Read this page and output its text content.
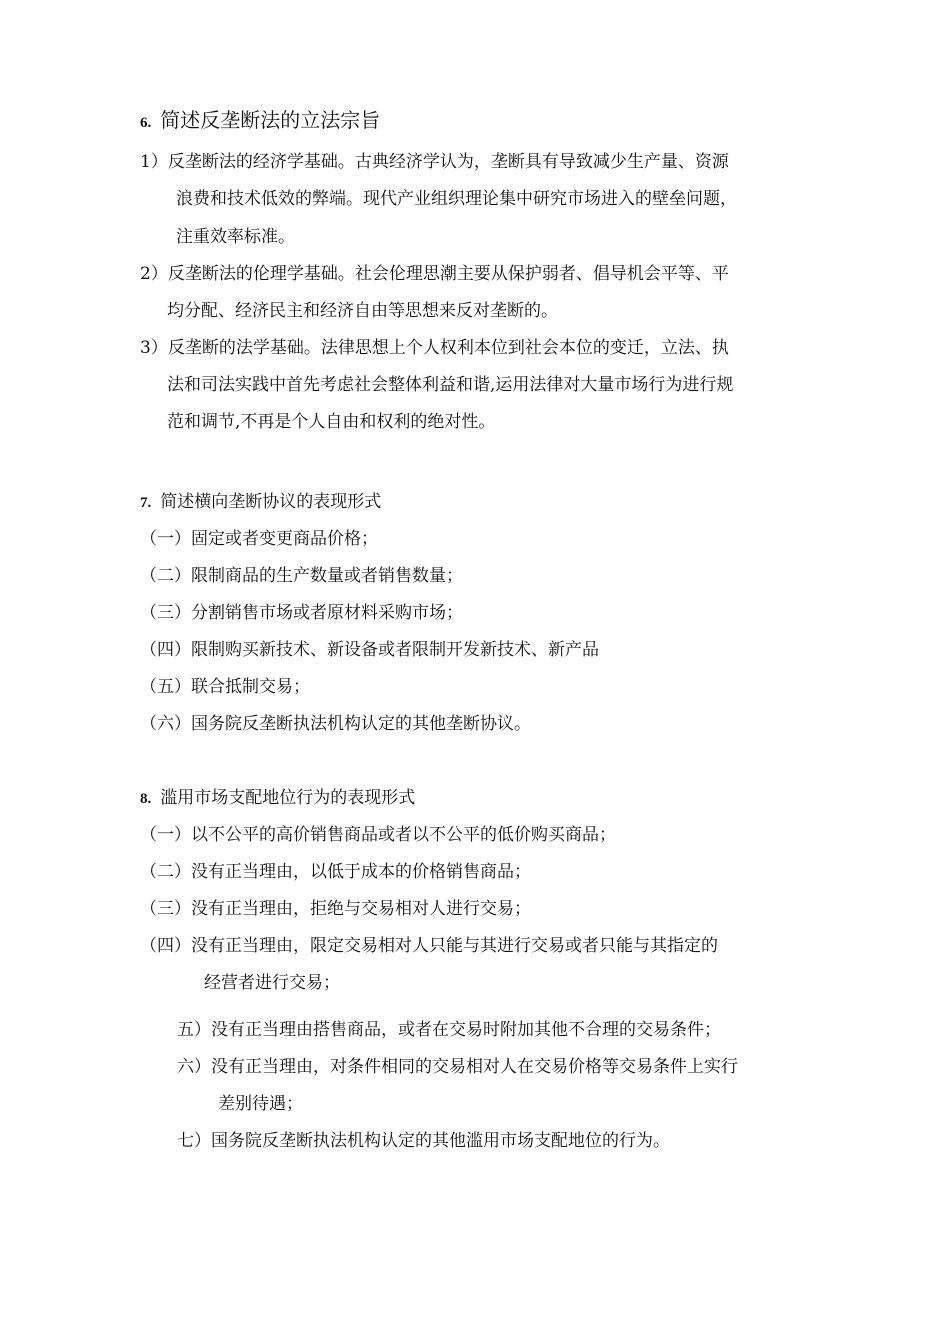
6. 简述反垄断法的立法宗旨
1）反垄断法的经济学基础。古典经济学认为，垄断具有导致减少生产量、资源
浪费和技术低效的弊端。现代产业组织理论集中研究市场进入的壁垒问题，
注重效率标准。
2）反垄断法的伦理学基础。社会伦理思潮主要从保护弱者、倡导机会平等、平
均分配、经济民主和经济自由等思想来反对垄断的。
3）反垄断的法学基础。法律思想上个人权利本位到社会本位的变迁，立法、执
法和司法实践中首先考虑社会整体利益和谐,运用法律对大量市场行为进行规
范和调节,不再是个人自由和权利的绝对性。
7. 简述横向垄断协议的表现形式
（一）固定或者变更商品价格；
（二）限制商品的生产数量或者销售数量；
（三）分割销售市场或者原材料采购市场；
（四）限制购买新技术、新设备或者限制开发新技术、新产品
（五）联合抵制交易；
（六）国务院反垄断执法机构认定的其他垄断协议。
8. 滥用市场支配地位行为的表现形式
（一）以不公平的高价销售商品或者以不公平的低价购买商品；
（二）没有正当理由，以低于成本的价格销售商品；
（三）没有正当理由，拒绝与交易相对人进行交易；
（四）没有正当理由，限定交易相对人只能与其进行交易或者只能与其指定的
经营者进行交易；
五）没有正当理由搭售商品，或者在交易时附加其他不合理的交易条件；
六）没有正当理由，对条件相同的交易相对人在交易价格等交易条件上实行
差别待遇；
七）国务院反垄断执法机构认定的其他滥用市场支配地位的行为。
